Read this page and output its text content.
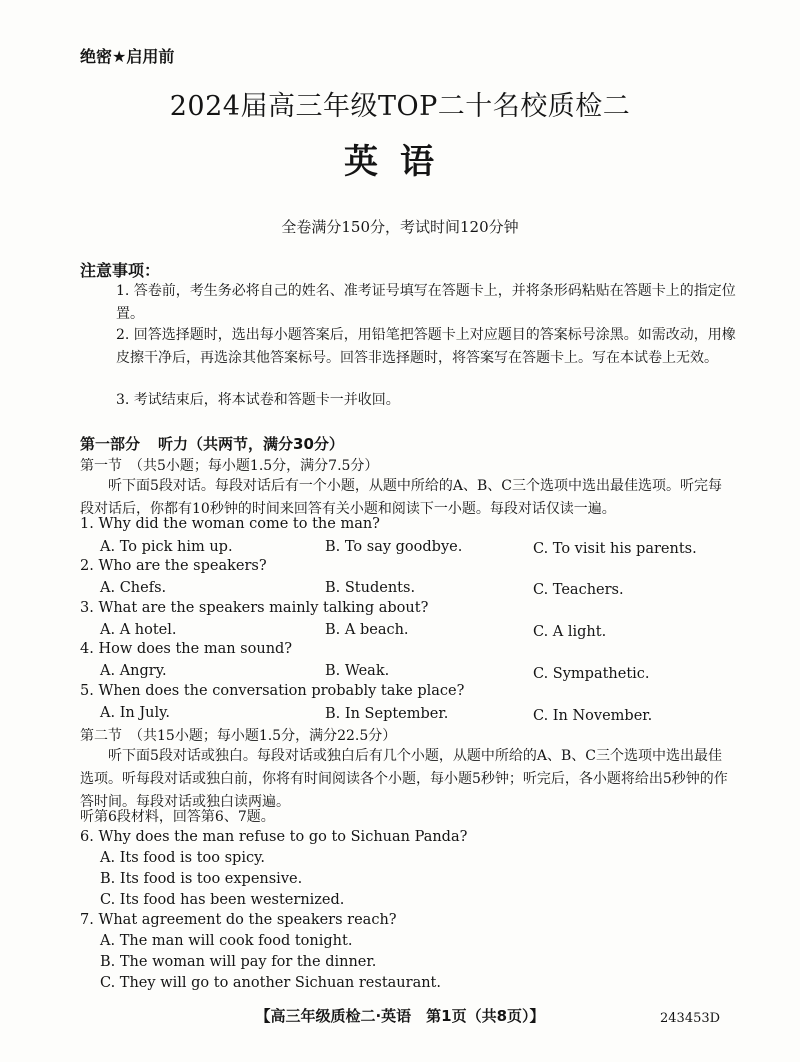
绝密★启用前
2024届高三年级TOP二十名校质检二
英语
全卷满分150分，考试时间120分钟
注意事项：
1. 答卷前，考生务必将自己的姓名、准考证号填写在答题卡上，并将条形码粘贴在答题卡上的指定位置。
2. 回答选择题时，选出每小题答案后，用铅笔把答题卡上对应题目的答案标号涂黑。如需改动，用橡皮擦干净后，再选涂其他答案标号。回答非选择题时，将答案写在答题卡上。写在本试卷上无效。
3. 考试结束后，将本试卷和答题卡一并收回。
第一部分 听力（共两节，满分30分）
第一节　（共5小题；每小题1.5分，满分7.5分）
听下面5段对话。每段对话后有一个小题，从题中所给的A、B、C三个选项中选出最佳选项。听完每段对话后，你都有10秒钟的时间来回答有关小题和阅读下一小题。每段对话仅读一遍。
1. Why did the woman come to the man?
A. To pick him up.	B. To say goodbye.	C. To visit his parents.
2. Who are the speakers?
A. Chefs.	B. Students.	C. Teachers.
3. What are the speakers mainly talking about?
A. A hotel.	B. A beach.	C. A light.
4. How does the man sound?
A. Angry.	B. Weak.	C. Sympathetic.
5. When does the conversation probably take place?
A. In July.	B. In September.	C. In November.
第二节　（共15小题；每小题1.5分，满分22.5分）
听下面5段对话或独白。每段对话或独白后有几个小题，从题中所给的A、B、C三个选项中选出最佳选项。听每段对话或独白前，你将有时间阅读各个小题，每小题5秒钟；听完后，各小题将给出5秒钟的作答时间。每段对话或独白读两遍。
听第6段材料，回答第6、7题。
6. Why does the man refuse to go to Sichuan Panda?
A. Its food is too spicy.
B. Its food is too expensive.
C. Its food has been westernized.
7. What agreement do the speakers reach?
A. The man will cook food tonight.
B. The woman will pay for the dinner.
C. They will go to another Sichuan restaurant.
【高三年级质检二·英语　第1页（共8页）】	243453D
